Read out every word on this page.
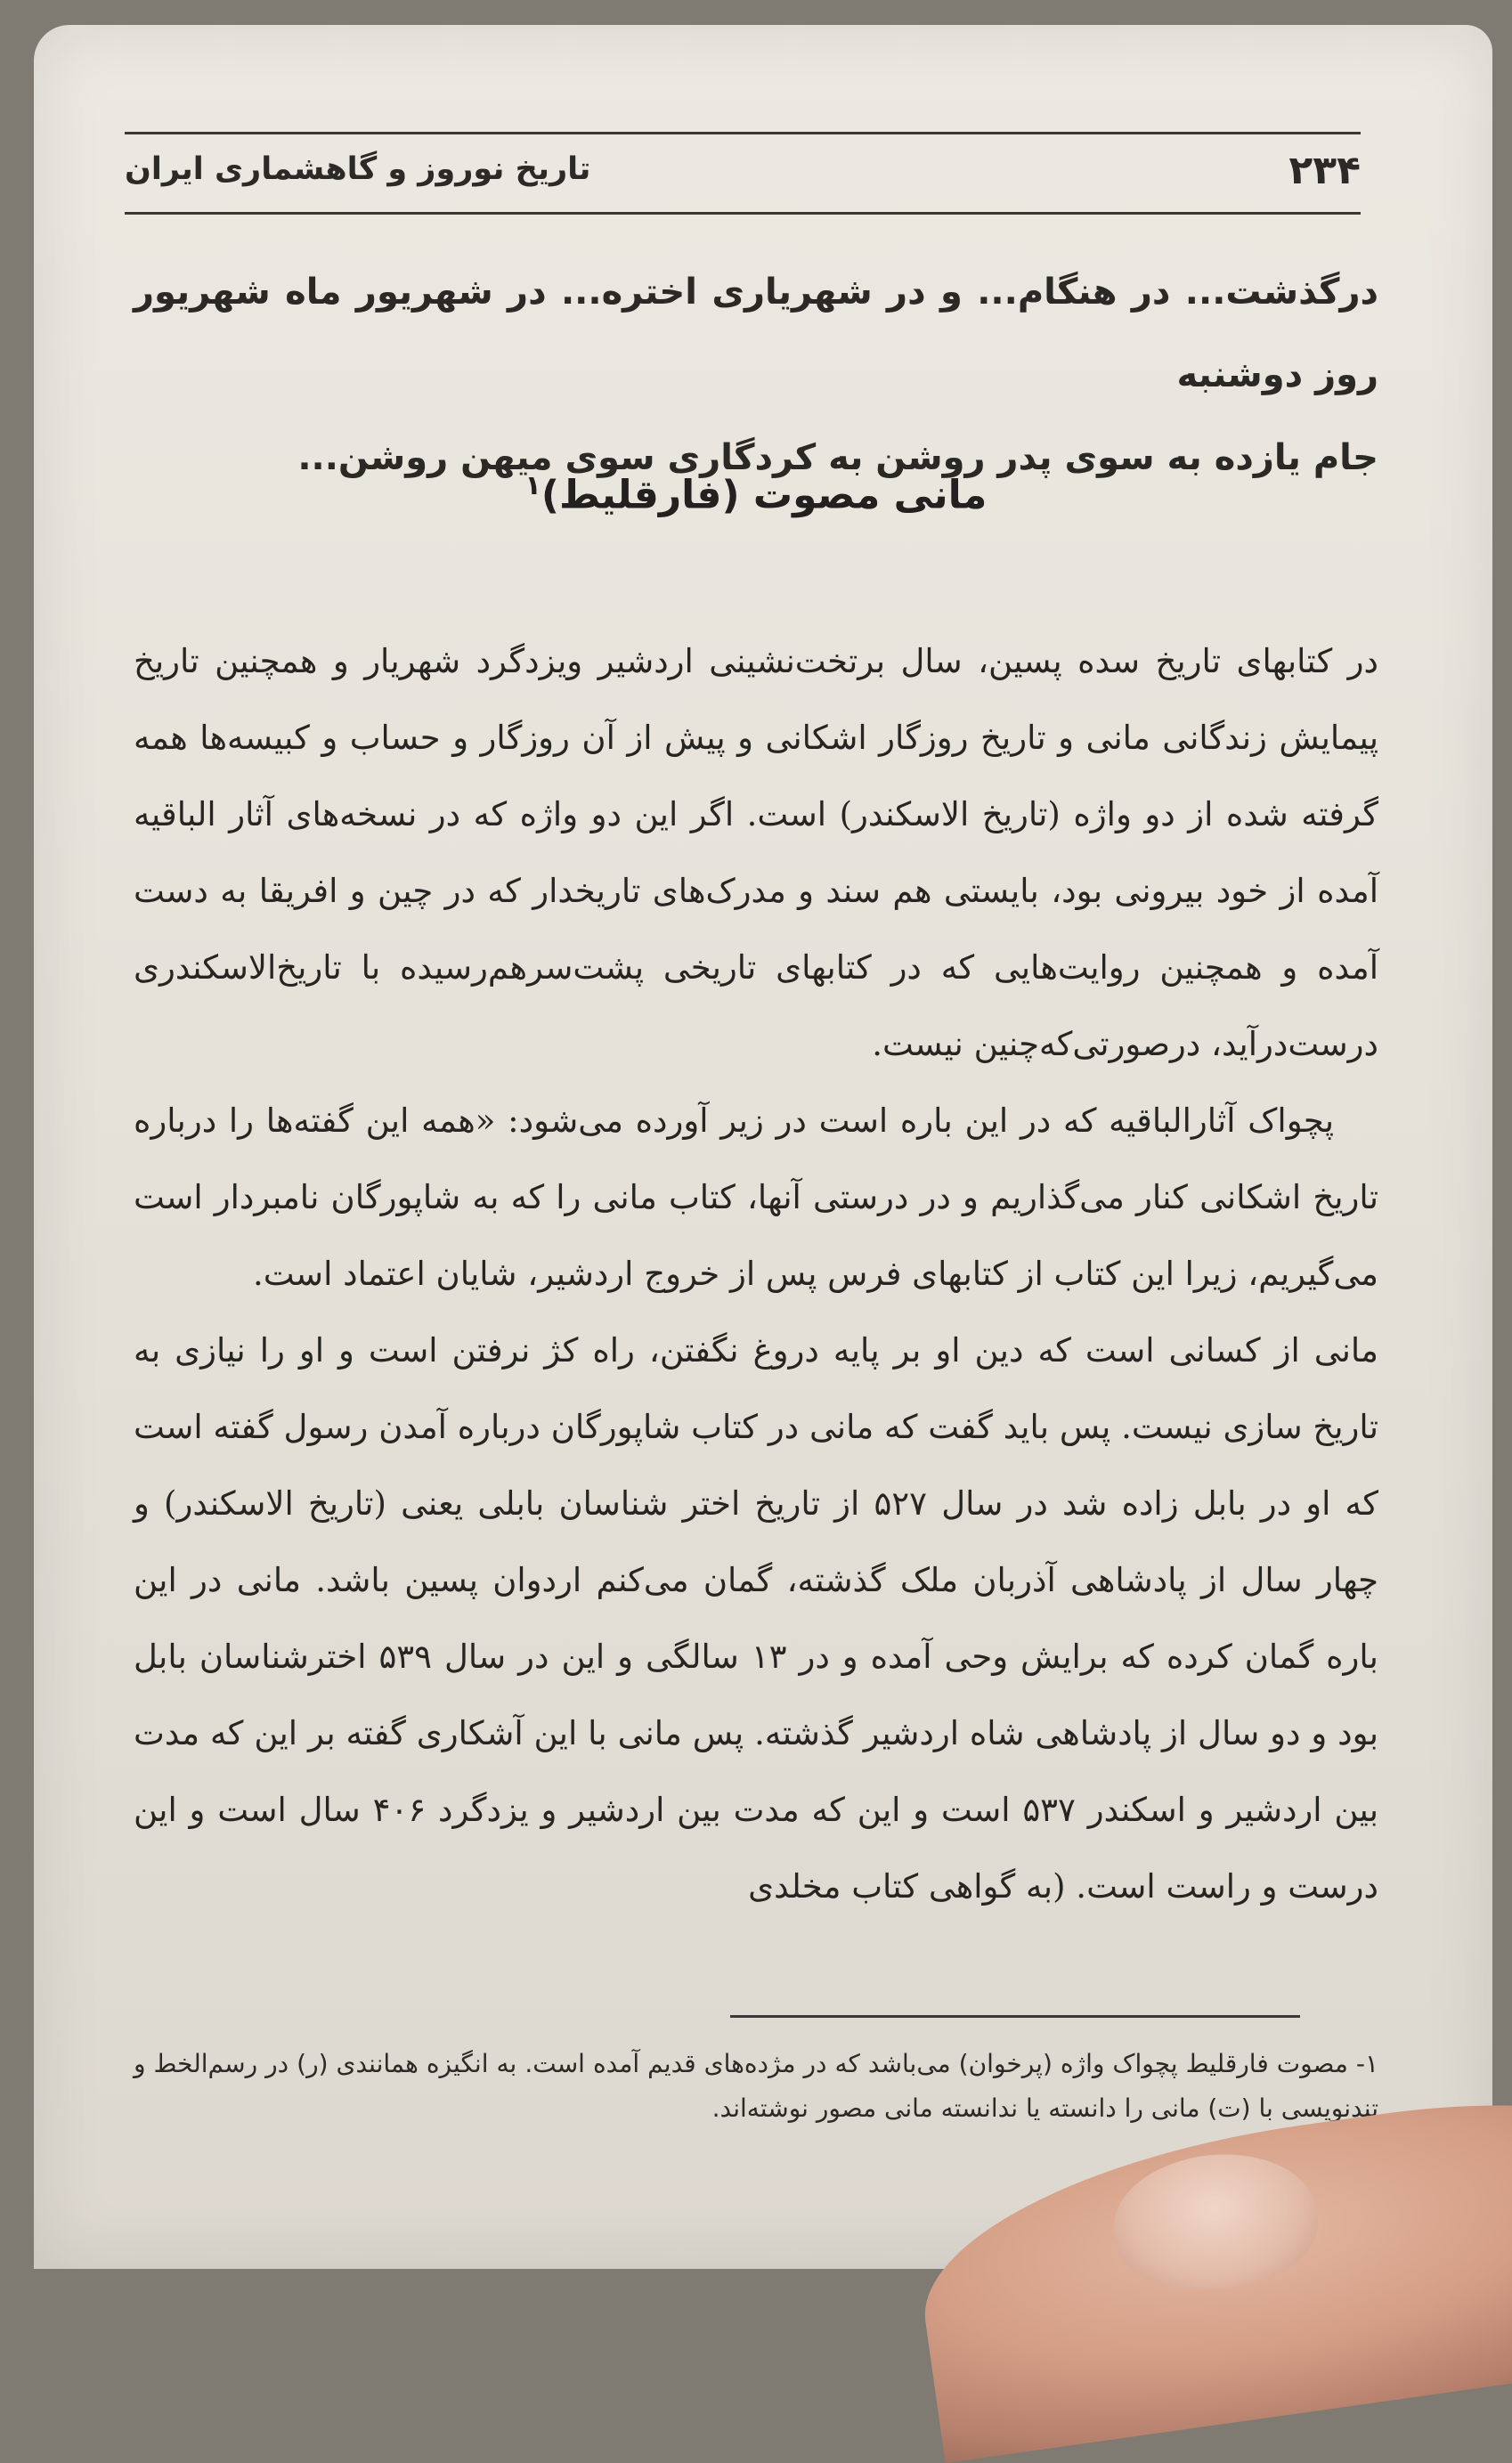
۲۳۴
تاریخ نوروز و گاهشماری ایران
درگذشت... در هنگام... و در شهریاری اختره... در شهریور ماه شهریور روز دوشنبه
جام یازده به سوی پدر روشن به کردگاری سوی میهن روشن...
مانی مصوت (فارقلیط)$^۱$

در کتابهای تاریخ سده پسین، سال برتخت‌نشینی اردشیر ویزدگرد شهریار و همچنین تاریخ پیمایش زندگانی مانی و تاریخ روزگار اشکانی و پیش از آن روزگار و حساب و کبیسه‌ها همه گرفته شده از دو واژه (تاریخ الاسکندر) است. اگر این دو واژه که در نسخه‌های آثار الباقیه آمده از خود بیرونی بود، بایستی هم سند و مدرک‌های تاریخدار که در چین و افریقا به دست آمده و همچنین روایت‌هایی که در کتابهای تاریخی پشت‌سرهم‌رسیده با تاریخ‌الاسکندری درست‌درآید، درصورتی‌که‌چنین نیست.

پچواک آثارالباقیه که در این باره است در زیر آورده می‌شود: «همه این گفته‌ها را درباره تاریخ اشکانی کنار می‌گذاریم و در درستی آنها، کتاب مانی را که به شاپورگان نامبردار است می‌گیریم، زیرا این کتاب از کتابهای فرس پس از خروج اردشیر، شایان اعتماد است.

مانی از کسانی است که دین او بر پایه دروغ نگفتن، راه کژ نرفتن است و او را نیازی به تاریخ سازی نیست. پس باید گفت که مانی در کتاب شاپورگان درباره آمدن رسول گفته است که او در بابل زاده شد در سال ۵۲۷ از تاریخ اختر شناسان بابلی یعنی (تاریخ الاسکندر) و چهار سال از پادشاهی آذربان ملک گذشته، گمان می‌کنم اردوان پسین باشد. مانی در این باره گمان کرده که برایش وحی آمده و در ۱۳ سالگی و این در سال ۵۳۹ اخترشناسان بابل بود و دو سال از پادشاهی شاه اردشیر گذشته. پس مانی با این آشکاری گفته بر این که مدت بین اردشیر و اسکندر ۵۳۷ است و این که مدت بین اردشیر و یزدگرد ۴۰۶ سال است و این درست و راست است. (به گواهی کتاب مخلدی

۱- مصوت فارقلیط پچواک واژه (پرخوان) می‌باشد که در مژده‌های قدیم آمده است. به انگیزه همانندی (ر) در رسم‌الخط و تندنویسی با (ت) مانی را دانسته یا ندانسته مانی مصور نوشته‌اند.
